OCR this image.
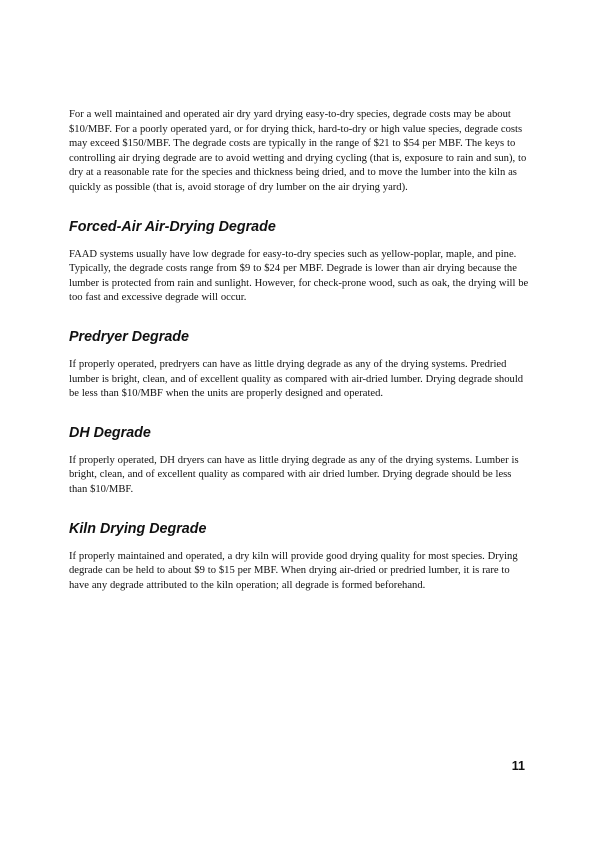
For a well maintained and operated air dry yard drying easy-to-dry species, degrade costs may be about $10/MBF. For a poorly operated yard, or for drying thick, hard-to-dry or high value species, degrade costs may exceed $150/MBF. The degrade costs are typically in the range of $21 to $54 per MBF. The keys to controlling air drying degrade are to avoid wetting and drying cycling (that is, exposure to rain and sun), to dry at a reasonable rate for the species and thickness being dried, and to move the lumber into the kiln as quickly as possible (that is, avoid storage of dry lumber on the air drying yard).

Forced-Air Air-Drying Degrade

FAAD systems usually have low degrade for easy-to-dry species such as yellow-poplar, maple, and pine. Typically, the degrade costs range from $9 to $24 per MBF. Degrade is lower than air drying because the lumber is protected from rain and sunlight. However, for check-prone wood, such as oak, the drying will be too fast and excessive degrade will occur.

Predryer Degrade

If properly operated, predryers can have as little drying degrade as any of the drying systems. Predried lumber is bright, clean, and of excellent quality as compared with air-dried lumber. Drying degrade should be less than $10/MBF when the units are properly designed and operated.

DH Degrade

If properly operated, DH dryers can have as little drying degrade as any of the drying systems. Lumber is bright, clean, and of excellent quality as compared with air dried lumber. Drying degrade should be less than $10/MBF.

Kiln Drying Degrade

If properly maintained and operated, a dry kiln will provide good drying quality for most species. Drying degrade can be held to about $9 to $15 per MBF. When drying air-dried or predried lumber, it is rare to have any degrade attributed to the kiln operation; all degrade is formed beforehand.

11
